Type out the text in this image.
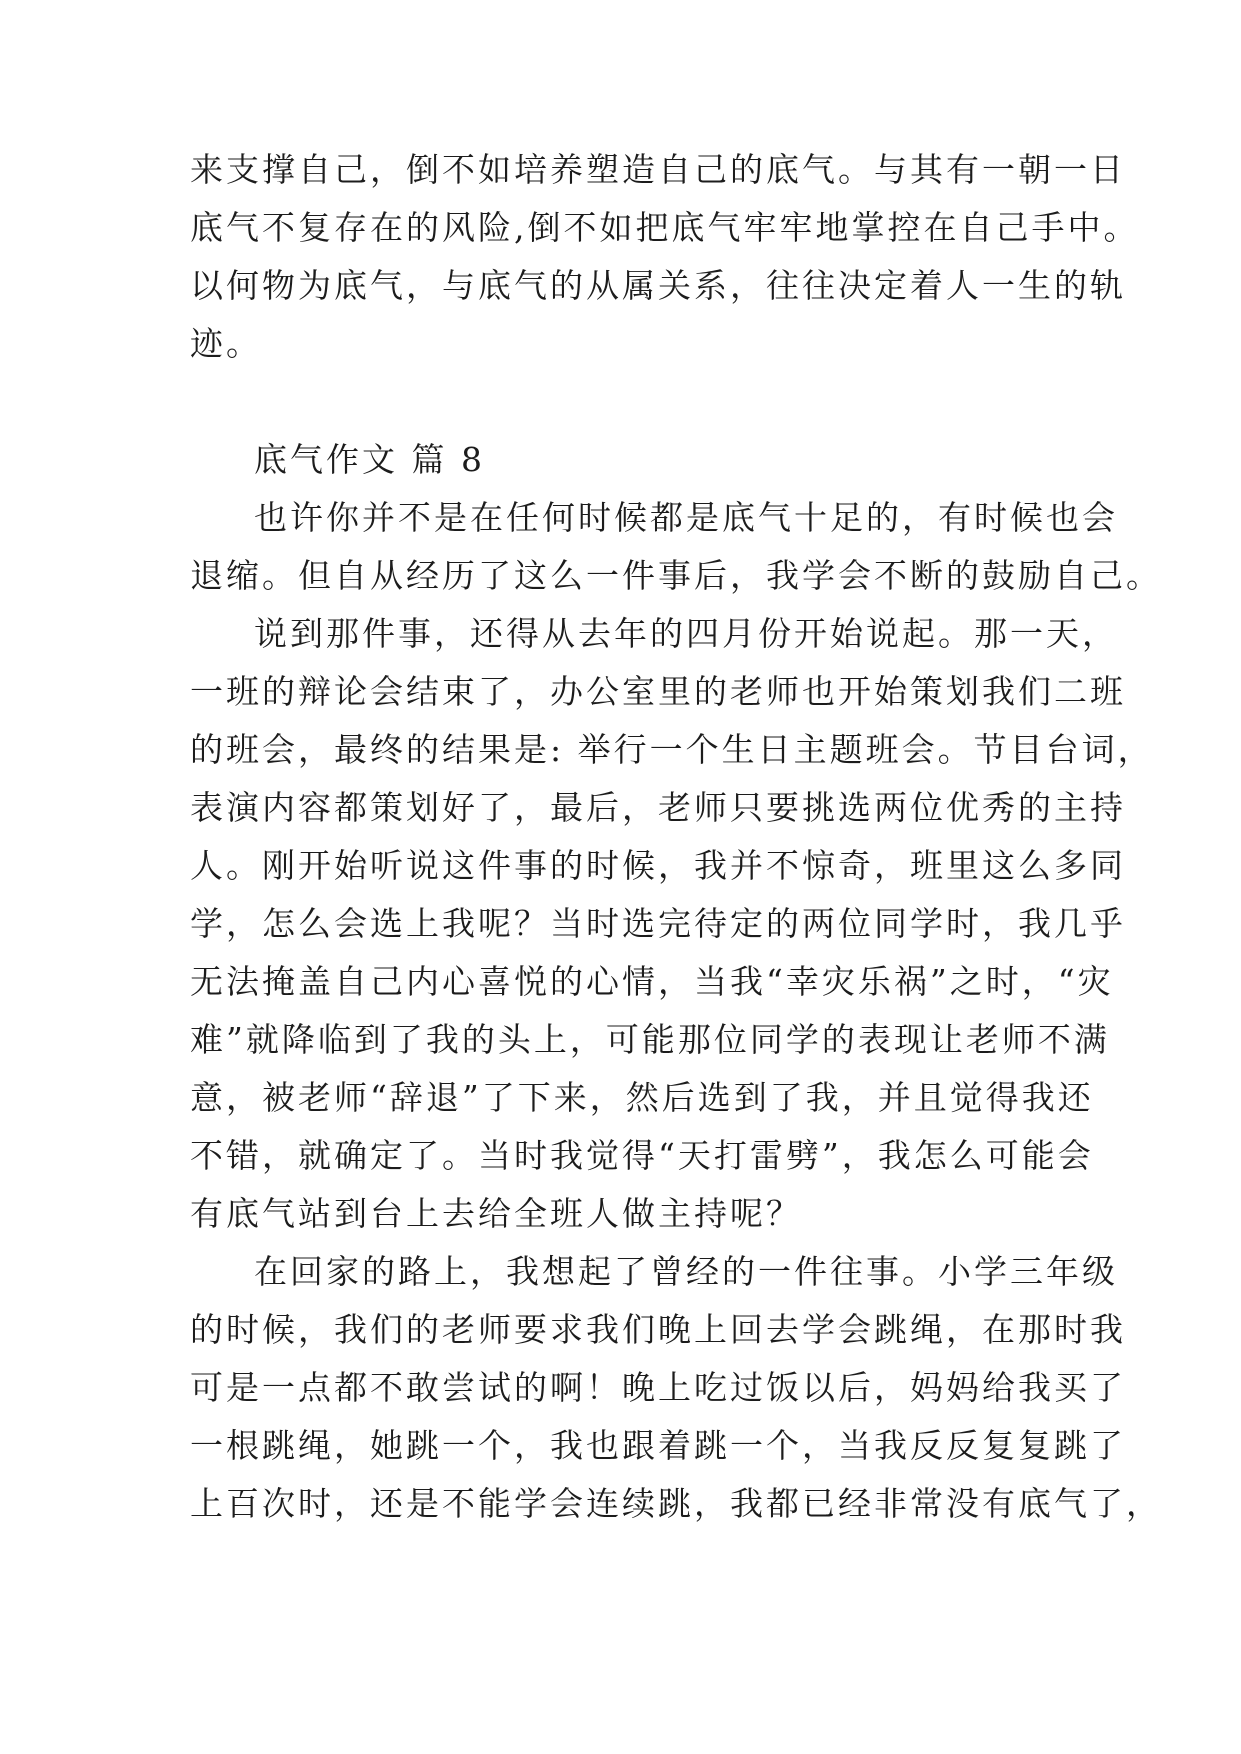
来支撑自己，倒不如培养塑造自己的底气。与其有一朝一日
底气不复存在的风险,倒不如把底气牢牢地掌控在自己手中。
以何物为底气，与底气的从属关系，往往决定着人一生的轨
迹。
底气作文 篇 8
也许你并不是在任何时候都是底气十足的，有时候也会
退缩。但自从经历了这么一件事后，我学会不断的鼓励自己。
说到那件事，还得从去年的四月份开始说起。那一天，
一班的辩论会结束了，办公室里的老师也开始策划我们二班
的班会，最终的结果是: 举行一个生日主题班会。节目台词，
表演内容都策划好了，最后，老师只要挑选两位优秀的主持
人。刚开始听说这件事的时候，我并不惊奇，班里这么多同
学，怎么会选上我呢？当时选完待定的两位同学时，我几乎
无法掩盖自己内心喜悦的心情，当我“幸灾乐祸”之时，“灾
难”就降临到了我的头上，可能那位同学的表现让老师不满
意，被老师“辞退”了下来，然后选到了我，并且觉得我还
不错，就确定了。当时我觉得“天打雷劈”，我怎么可能会
有底气站到台上去给全班人做主持呢？
在回家的路上，我想起了曾经的一件往事。小学三年级
的时候，我们的老师要求我们晚上回去学会跳绳，在那时我
可是一点都不敢尝试的啊！晚上吃过饭以后，妈妈给我买了
一根跳绳，她跳一个，我也跟着跳一个，当我反反复复跳了
上百次时，还是不能学会连续跳，我都已经非常没有底气了，
